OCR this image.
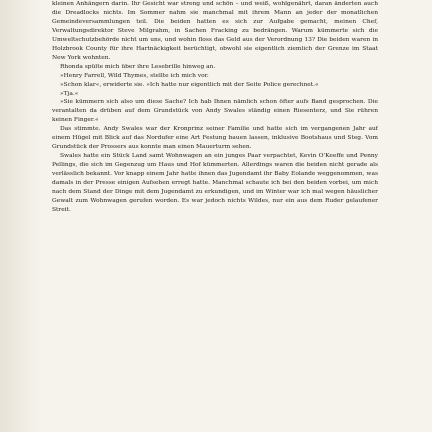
kleinen Anhängern darin. Ihr Gesicht war streng und schön – und weiß, wohlgenährt, daran änderten auch die Dreadlocks nichts. Im Sommer nahm sie manchmal mit ihrem Mann an jeder der monatlichen Gemeindeversammlungen teil. Die beiden hatten es sich zur Aufgabe gemacht, meinen Chef, Verwaltungsdirektor Steve Milgrahm, in Sachen Fracking zu bedrängen. Warum kümmerte sich die Umweltschutzbehörde nicht um uns, und wohin floss das Geld aus der Verordnung 13? Die beiden waren in Holzbrook County für ihre Hartnäckigkeit berüchtigt, obwohl sie eigentlich ziemlich der Grenze im Staat New York wohnten.

Rhonda spülte mich über ihre Lesebrille hinweg an.

»Henry Farrell, Wild Thymes, stellte ich mich vor.

»Schon klar«, erwiderte sie. »Ich hatte nur eigentlich mit der Seite Police gerechnet.«

»Tja.«

»Sie kümmern sich also um diese Sache? Ich hab Ihnen nämlich schon öfter aufs Band gesprochen. Die verantalten da drüben auf dem Grundstück von Andy Swales ständig einen Riesenterz, und Sie rühren keinen Finger.«

Das stimmte. Andy Swales war der Kronprinz seiner Familie und hatte sich im vergangenen Jahr auf einem Hügel mit Blick auf das Nordufer eine Art Festung bauen lassen, inklusive Bootshaus und Steg. Vom Grundstück der Prossers aus konnte man einen Mauerturm sehen.

Swales hatte ein Stück Land samt Wohnwagen an ein junges Paar verpachtet, Kevin O'Keeffe und Penny Pellings, die sich im Gegenzug um Haus und Hof kümmerten. Allerdings waren die beiden nicht gerade als verlässlich bekannt. Vor knapp einem Jahr hatte ihnen das Jugendamt ihr Baby Eolande weggenommen, was damals in der Presse einigen Aufsehen erregt hatte. Manchmal schaute ich bei den beiden vorbei, um mich nach dem Stand der Dinge mit dem Jugendamt zu erkundigen, und im Winter war ich mal wegen häuslicher Gewalt zum Wohnwagen gerufen worden. Es war jedoch nichts Wildes, nur ein aus dem Ruder gelaufener Streit.
